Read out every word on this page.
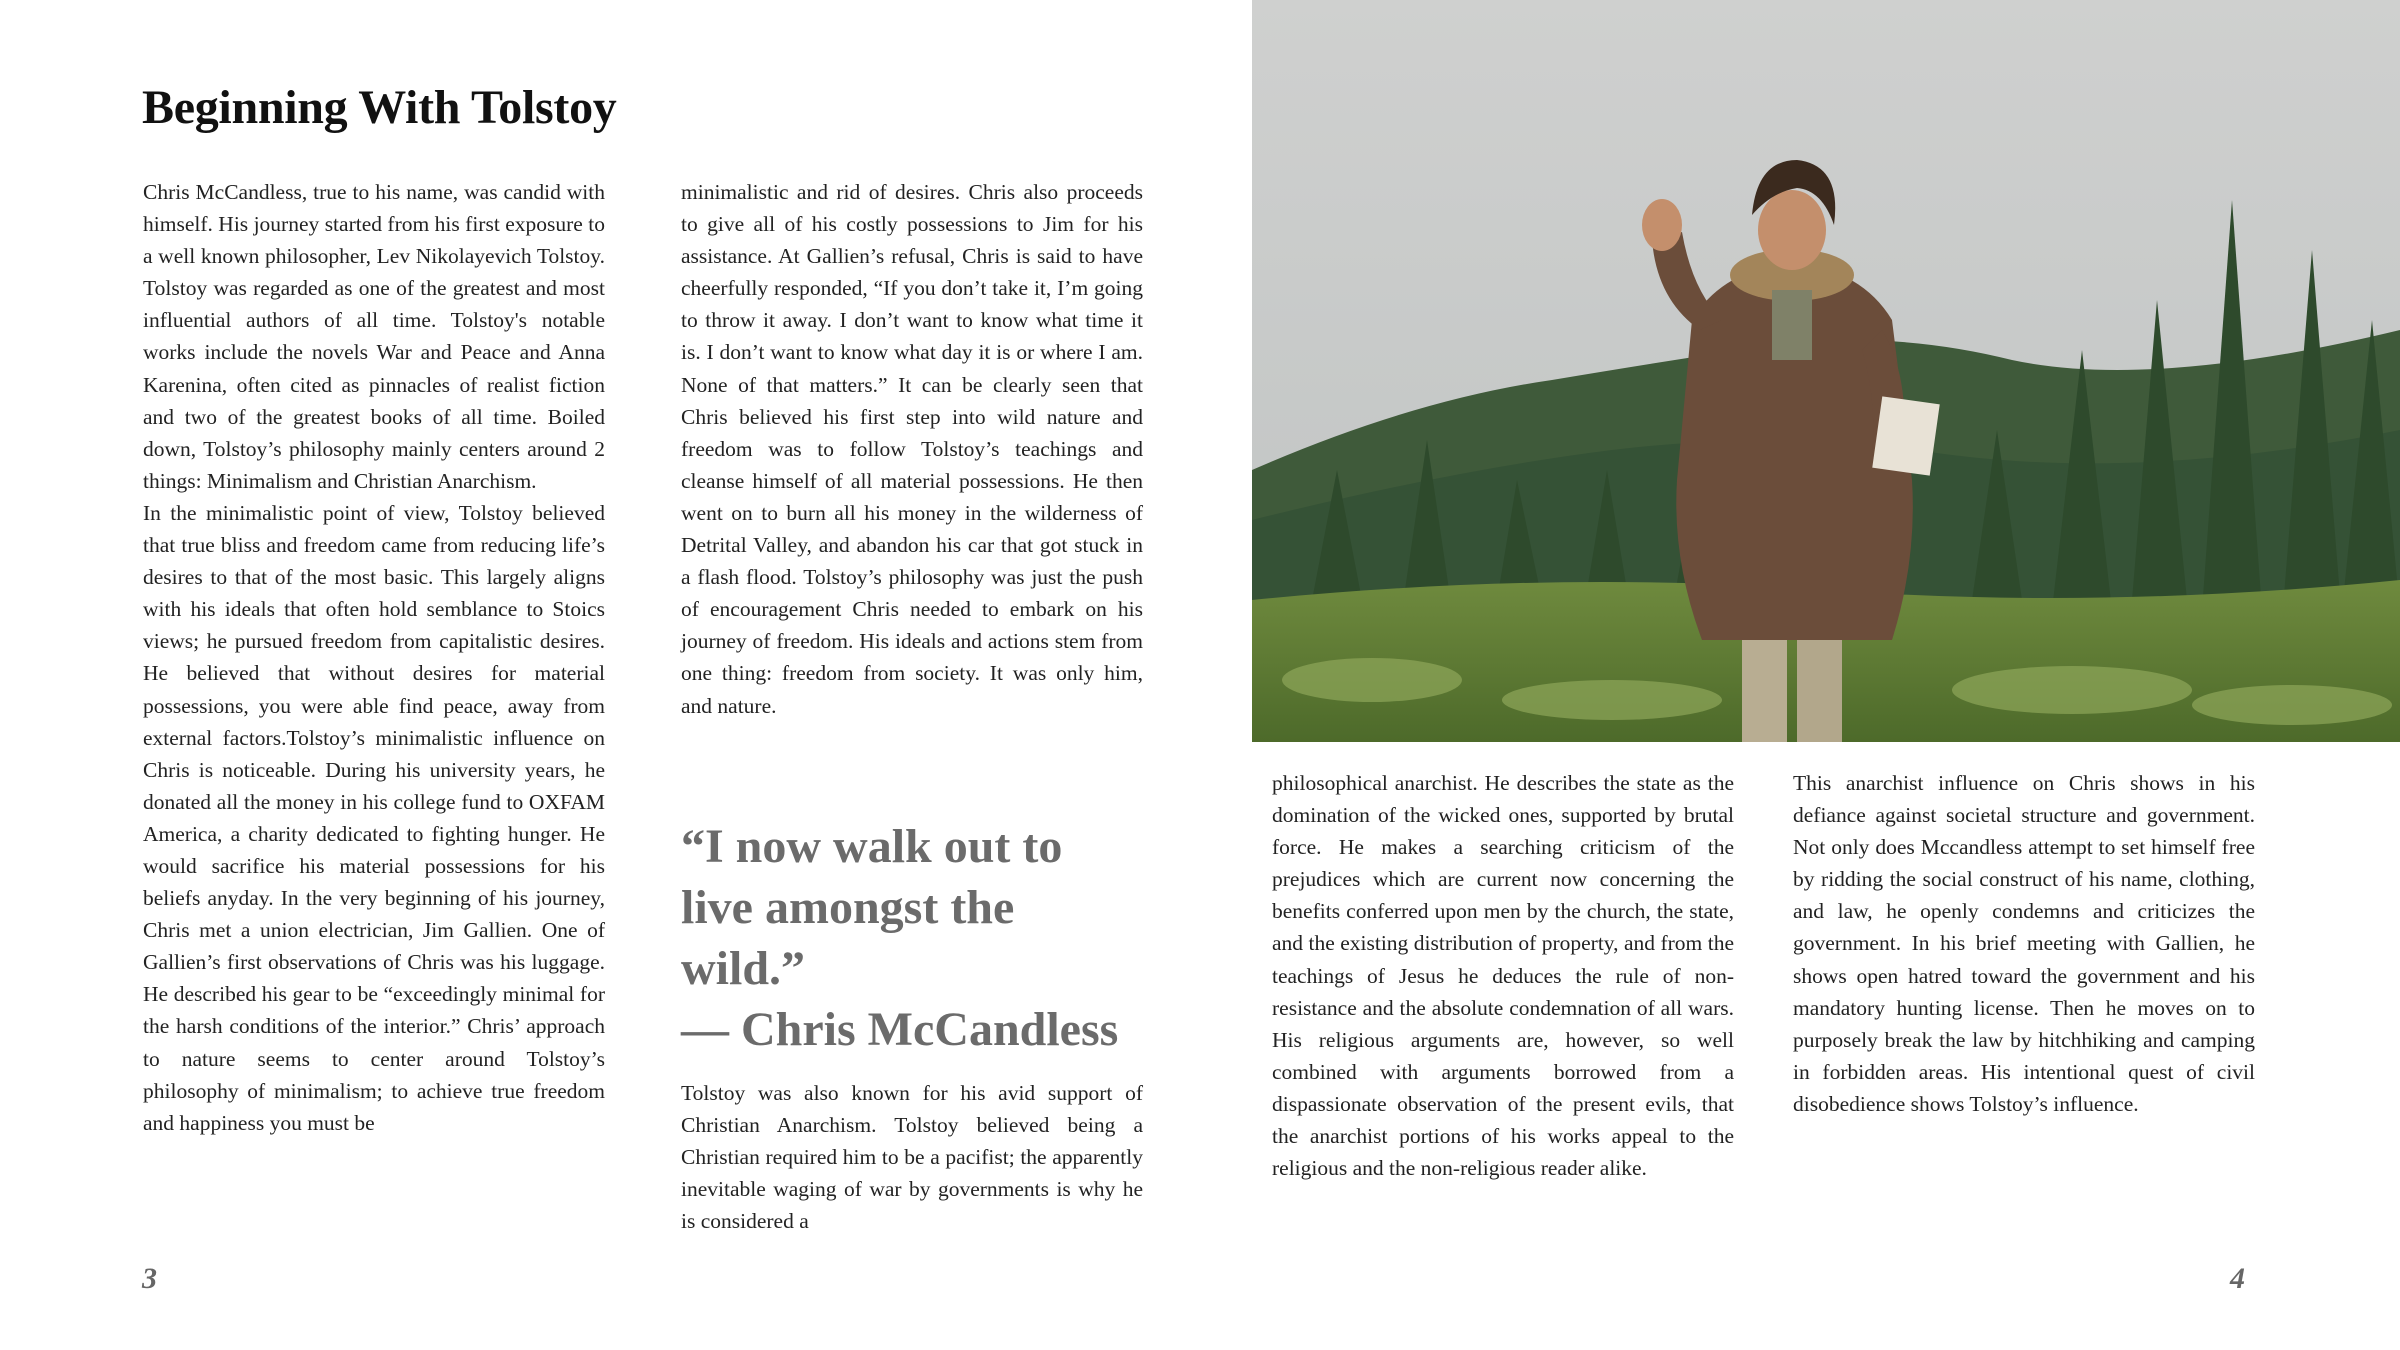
Beginning With Tolstoy

Chris McCandless, true to his name, was candid with himself. His journey started from his first exposure to a well known philosopher, Lev Nikolayevich Tolstoy. Tolstoy was regarded as one of the greatest and most influential authors of all time. Tolstoy's notable works include the novels War and Peace and Anna Karenina, often cited as pinnacles of realist fiction and two of the greatest books of all time. Boiled down, Tolstoy’s philosophy mainly centers around 2 things: Minimalism and Christian Anarchism.

In the minimalistic point of view, Tolstoy believed that true bliss and freedom came from reducing life’s desires to that of the most basic. This largely aligns with his ideals that often hold semblance to Stoics views; he pursued freedom from capitalistic desires. He believed that without desires for material possessions, you were able find peace, away from external factors.Tolstoy’s minimalistic influence on Chris is noticeable. During his university years, he donated all the money in his college fund to OXFAM America, a charity dedicated to fighting hunger. He would sacrifice his material possessions for his beliefs anyday. In the very beginning of his journey, Chris met a union electrician, Jim Gallien. One of Gallien’s first observations of Chris was his luggage. He described his gear to be “exceedingly minimal for the harsh conditions of the interior.” Chris’ approach to nature seems to center around Tolstoy’s philosophy of minimalism; to achieve true freedom and happiness you must be

minimalistic and rid of desires. Chris also proceeds to give all of his costly possessions to Jim for his assistance. At Gallien’s refusal, Chris is said to have cheerfully responded, “If you don’t take it, I’m going to throw it away. I don’t want to know what time it is. I don’t want to know what day it is or where I am. None of that matters.” It can be clearly seen that Chris believed his first step into wild nature and freedom was to follow Tolstoy’s teachings and cleanse himself of all material possessions. He then went on to burn all his money in the wilderness of Detrital Valley, and abandon his car that got stuck in a flash flood. Tolstoy’s philosophy was just the push of encouragement Chris needed to embark on his journey of freedom. His ideals and actions stem from one thing: freedom from society. It was only him, and nature.

“I now walk out to
live amongst the
wild.”
— Chris McCandless

Tolstoy was also known for his avid support of Christian Anarchism. Tolstoy believed being a Christian required him to be a pacifist; the apparently inevitable waging of war by governments is why he is considered a

3

philosophical anarchist. He describes the state as the domination of the wicked ones, supported by brutal force. He makes a searching criticism of the prejudices which are current now concerning the benefits conferred upon men by the church, the state, and the existing distribution of property, and from the teachings of Jesus he deduces the rule of non-resistance and the absolute condemnation of all wars. His religious arguments are, however, so well combined with arguments borrowed from a dispassionate observation of the present evils, that the anarchist portions of his works appeal to the religious and the non-religious reader alike.

This anarchist influence on Chris shows in his defiance against societal structure and government. Not only does Mccandless attempt to set himself free by ridding the social construct of his name, clothing, and law, he openly condemns and criticizes the government. In his brief meeting with Gallien, he shows open hatred toward the government and his mandatory hunting license. Then he moves on to purposely break the law by hitchhiking and camping in forbidden areas. His intentional quest of civil disobedience shows Tolstoy’s influence.

4
